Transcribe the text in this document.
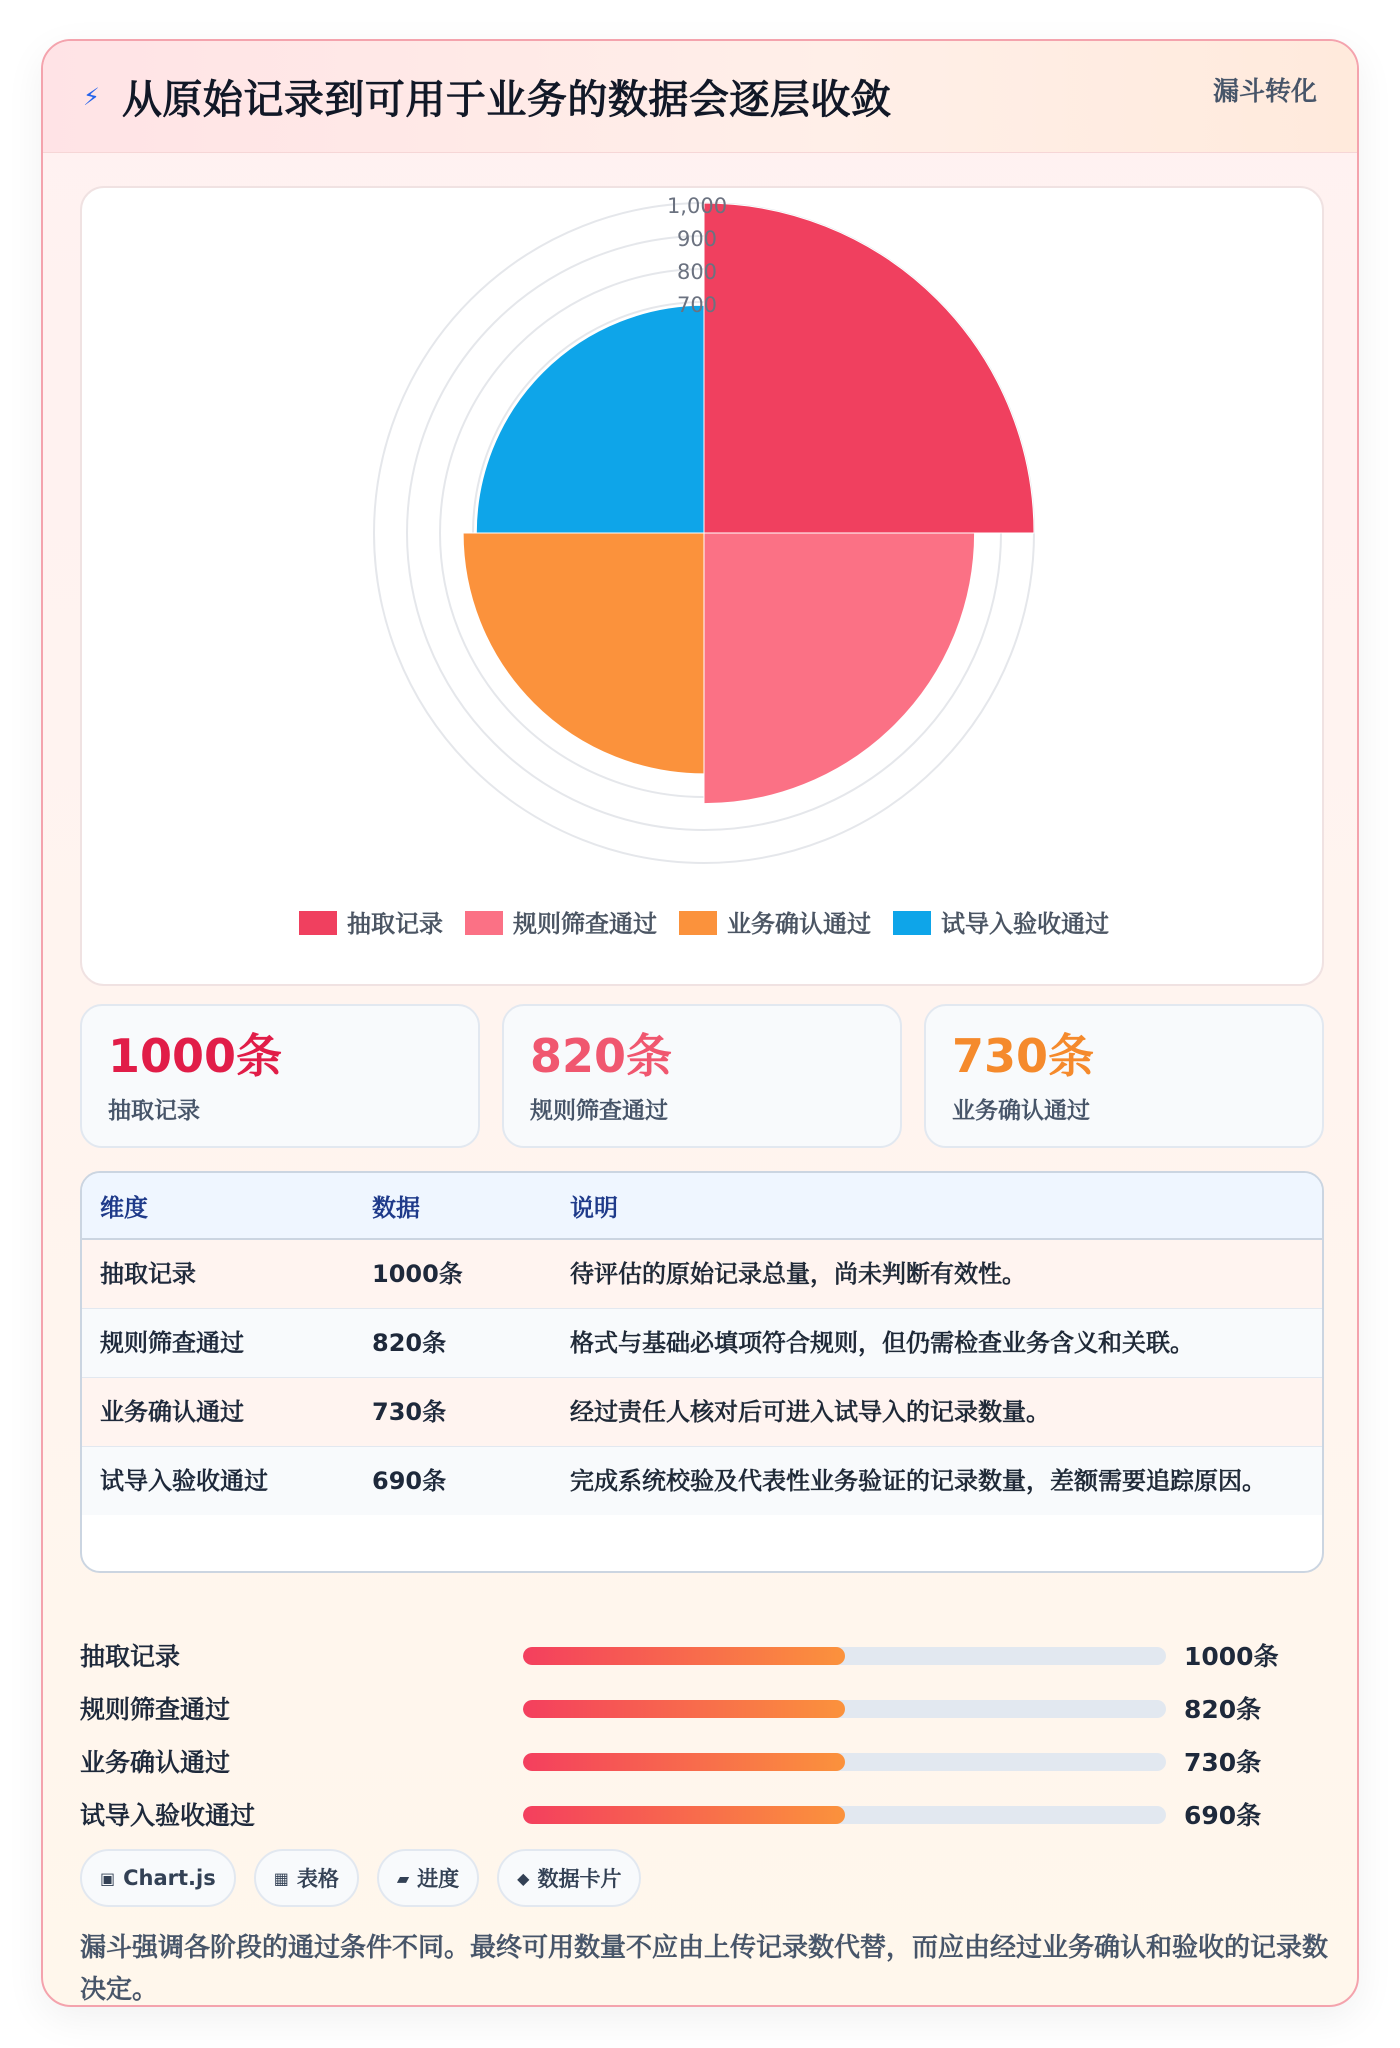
⚡︎ 从原始记录到可用于业务的数据会逐层收敛	漏斗转化
1,000
900
800
700
抽取记录	规则筛查通过	业务确认通过	试导入验收通过
1000条
抽取记录
820条
规则筛查通过
730条
业务确认通过
维度	数据	说明
抽取记录	1000条	待评估的原始记录总量，尚未判断有效性。
规则筛查通过	820条	格式与基础必填项符合规则，但仍需检查业务含义和关联。
业务确认通过	730条	经过责任人核对后可进入试导入的记录数量。
试导入验收通过	690条	完成系统校验及代表性业务验证的记录数量，差额需要追踪原因。
抽取记录	1000条
规则筛查通过	820条
业务确认通过	730条
试导入验收通过	690条
▣ Chart.js	▦ 表格	▰ 进度	◆ 数据卡片
漏斗强调各阶段的通过条件不同。最终可用数量不应由上传记录数代替，而应由经过业务确认和验收的记录数决定。
